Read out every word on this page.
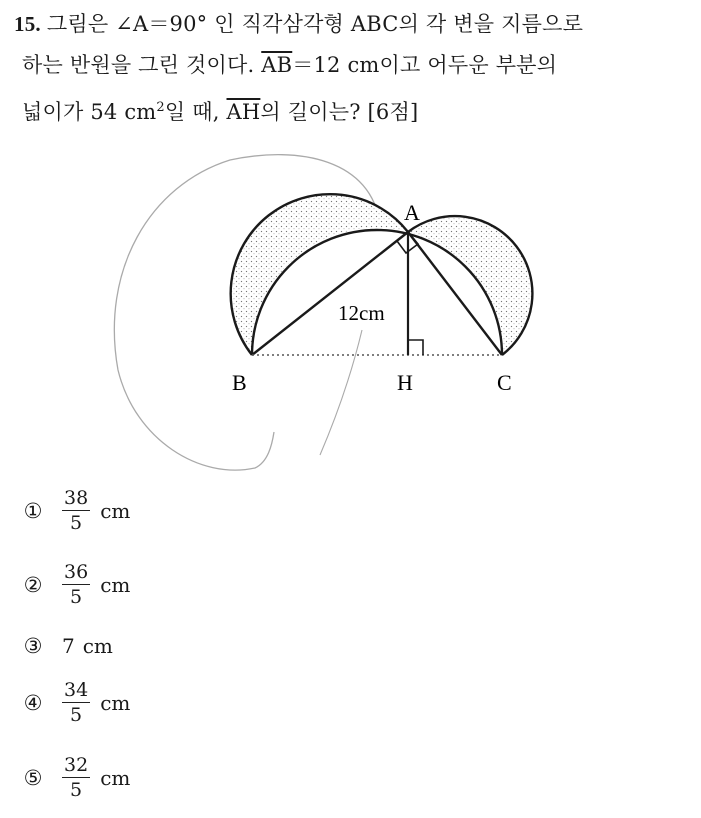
15. 그림은 ∠A＝90° 인 직각삼각형 ABC의 각 변을 지름으로
하는 반원을 그린 것이다. $\overline{AB}=12$ cm이고 어두운 부분의
넓이가 54 $cm^2$일 때, $\overline{AH}$의 길이는? [6점]
A
B	C
H
12cm
① $\frac{38}{5}$ cm
② $\frac{36}{5}$ cm
③ 7 cm
④ $\frac{34}{5}$ cm
⑤ $\frac{32}{5}$ cm
